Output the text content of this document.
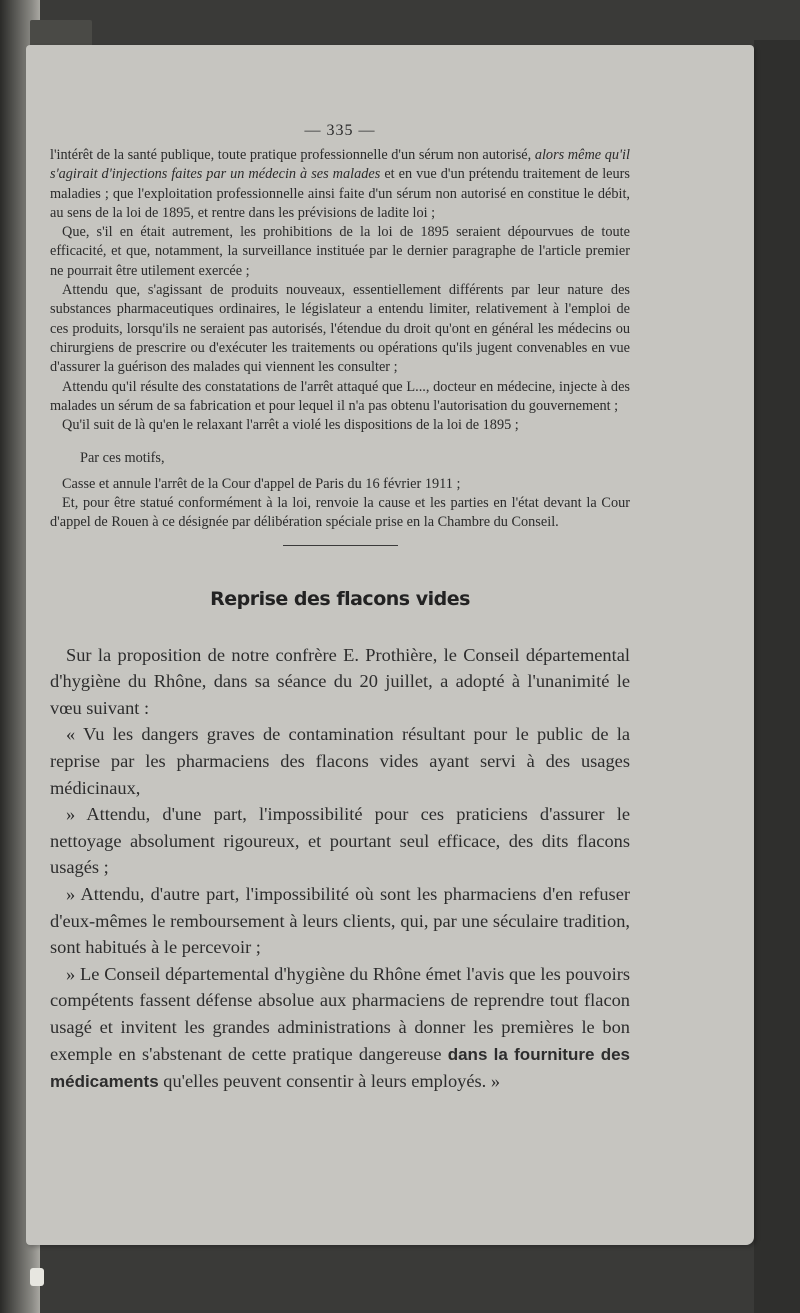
— 335 —

l'intérêt de la santé publique, toute pratique professionnelle d'un sérum non autorisé, alors même qu'il s'agirait d'injections faites par un médecin à ses malades et en vue d'un prétendu traitement de leurs maladies ; que l'exploitation professionnelle ainsi faite d'un sérum non autorisé en constitue le débit, au sens de la loi de 1895, et rentre dans les prévisions de ladite loi ;

Que, s'il en était autrement, les prohibitions de la loi de 1895 seraient dépourvues de toute efficacité, et que, notamment, la surveillance instituée par le dernier paragraphe de l'article premier ne pourrait être utilement exercée ;

Attendu que, s'agissant de produits nouveaux, essentiellement différents par leur nature des substances pharmaceutiques ordinaires, le législateur a entendu limiter, relativement à l'emploi de ces produits, lorsqu'ils ne seraient pas autorisés, l'étendue du droit qu'ont en général les médecins ou chirurgiens de prescrire ou d'exécuter les traitements ou opérations qu'ils jugent convenables en vue d'assurer la guérison des malades qui viennent les consulter ;

Attendu qu'il résulte des constatations de l'arrêt attaqué que L..., docteur en médecine, injecte à des malades un sérum de sa fabrication et pour lequel il n'a pas obtenu l'autorisation du gouvernement ;

Qu'il suit de là qu'en le relaxant l'arrêt a violé les dispositions de la loi de 1895 ;

Par ces motifs,

Casse et annule l'arrêt de la Cour d'appel de Paris du 16 février 1911 ;

Et, pour être statué conformément à la loi, renvoie la cause et les parties en l'état devant la Cour d'appel de Rouen à ce désignée par délibération spéciale prise en la Chambre du Conseil.

Reprise des flacons vides

Sur la proposition de notre confrère E. Prothière, le Conseil départemental d'hygiène du Rhône, dans sa séance du 20 juillet, a adopté à l'unanimité le vœu suivant :

« Vu les dangers graves de contamination résultant pour le public de la reprise par les pharmaciens des flacons vides ayant servi à des usages médicinaux,

» Attendu, d'une part, l'impossibilité pour ces praticiens d'assurer le nettoyage absolument rigoureux, et pourtant seul efficace, des dits flacons usagés ;

» Attendu, d'autre part, l'impossibilité où sont les pharmaciens d'en refuser d'eux-mêmes le remboursement à leurs clients, qui, par une séculaire tradition, sont habitués à le percevoir ;

» Le Conseil départemental d'hygiène du Rhône émet l'avis que les pouvoirs compétents fassent défense absolue aux pharmaciens de reprendre tout flacon usagé et invitent les grandes administrations à donner les premières le bon exemple en s'abstenant de cette pratique dangereuse dans la fourniture des médicaments qu'elles peuvent consentir à leurs employés. »
